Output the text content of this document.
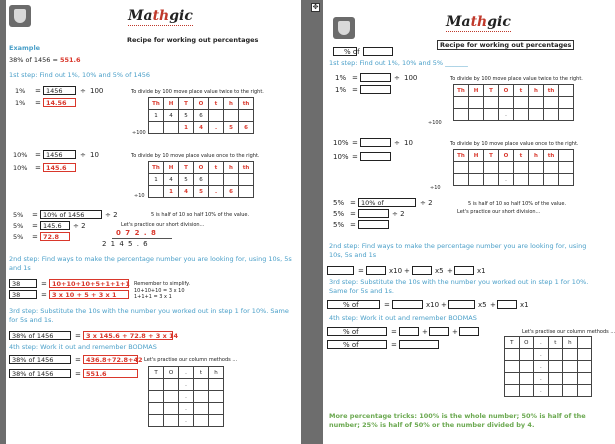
✥
Mathgic
Recipe for working out percentages
Example
38% of 1456 = 551.6
1st step: Find out 1%, 10% and 5% of 1456
1% = 1456	÷ 100
1% = 14.56
To divide by 100 move place value twice to the right.
Th	H	T	O	t	h	th
1	4	5	6			
		1	4	.	5	6
÷100
10% = 1456	÷ 10
10% = 145.6
To divide by 10 move place value once to the right.
Th	H	T	O	t	h	th
1	4	5	6			
	1	4	5	.	6	
÷10
5% = 10% of 1456	÷ 2
5% = 145.6	÷ 2
5% = 72.8
5 is half of 10 so half 10% of the value.
Let's practice our short division...
0 7 2 . 8
2 1 4 5 . 6
2nd step: Find ways to make the percentage number you are looking for, using 10s, 5s and 1s
38	= 10+10+10+5+1+1+1
38	= 3 x 10 + 5 + 3 x 1
Remember to simplify.
10+10+10 = 3 x 10
1+1+1 = 3 x 1
3rd step: Substitute the 10s with the number you worked out in step 1 for 10%. Same for 5s and 1s.
38% of 1456	= 3 x 145.6 + 72.8 + 3 x 14
4th step: Work it out and remember BODMAS
38% of 1456	= 436.8+72.8+42 Let's practise our column methods ...
38% of 1456	= 551.6	T	O	.	t	h
		.		
		.		
		.		
		.		
Mathgic
% of
Recipe for working out percentages
1st step: Find out 1%, 10% and 5% _______
1% =	÷ 100
1% =
To divide by 100 move place value twice to the right.
Th	H	T	O	t	h	th	

			.				
÷100
10% =	÷ 10
10% =
To divide by 10 move place value once to the right.
Th	H	T	O	t	h	th	

			.				
÷10
5% = 10% of	÷ 2
5% =	÷ 2
5% =
5 is half of 10 so half 10% of the value.
Let's practice our short division...
2nd step: Find ways to make the percentage number you are looking for, using 10s, 5s and 1s
=	x10 +	x5 +	x1
3rd step: Substitute the 10s with the number you worked out in step 1 for 10%. Same for 5s and 1s.
% of	=	x10 +	x5 +	x1
4th step: Work it out and remember BODMAS
% of	=	+	+
% of	=
Let's practise our column methods ...
T	O	.	t	h	
		.			
		.			
		.			
		.			
More percentage tricks: 100% is the whole number; 50% is half of the number; 25% is half of 50% or the number divided by 4.
